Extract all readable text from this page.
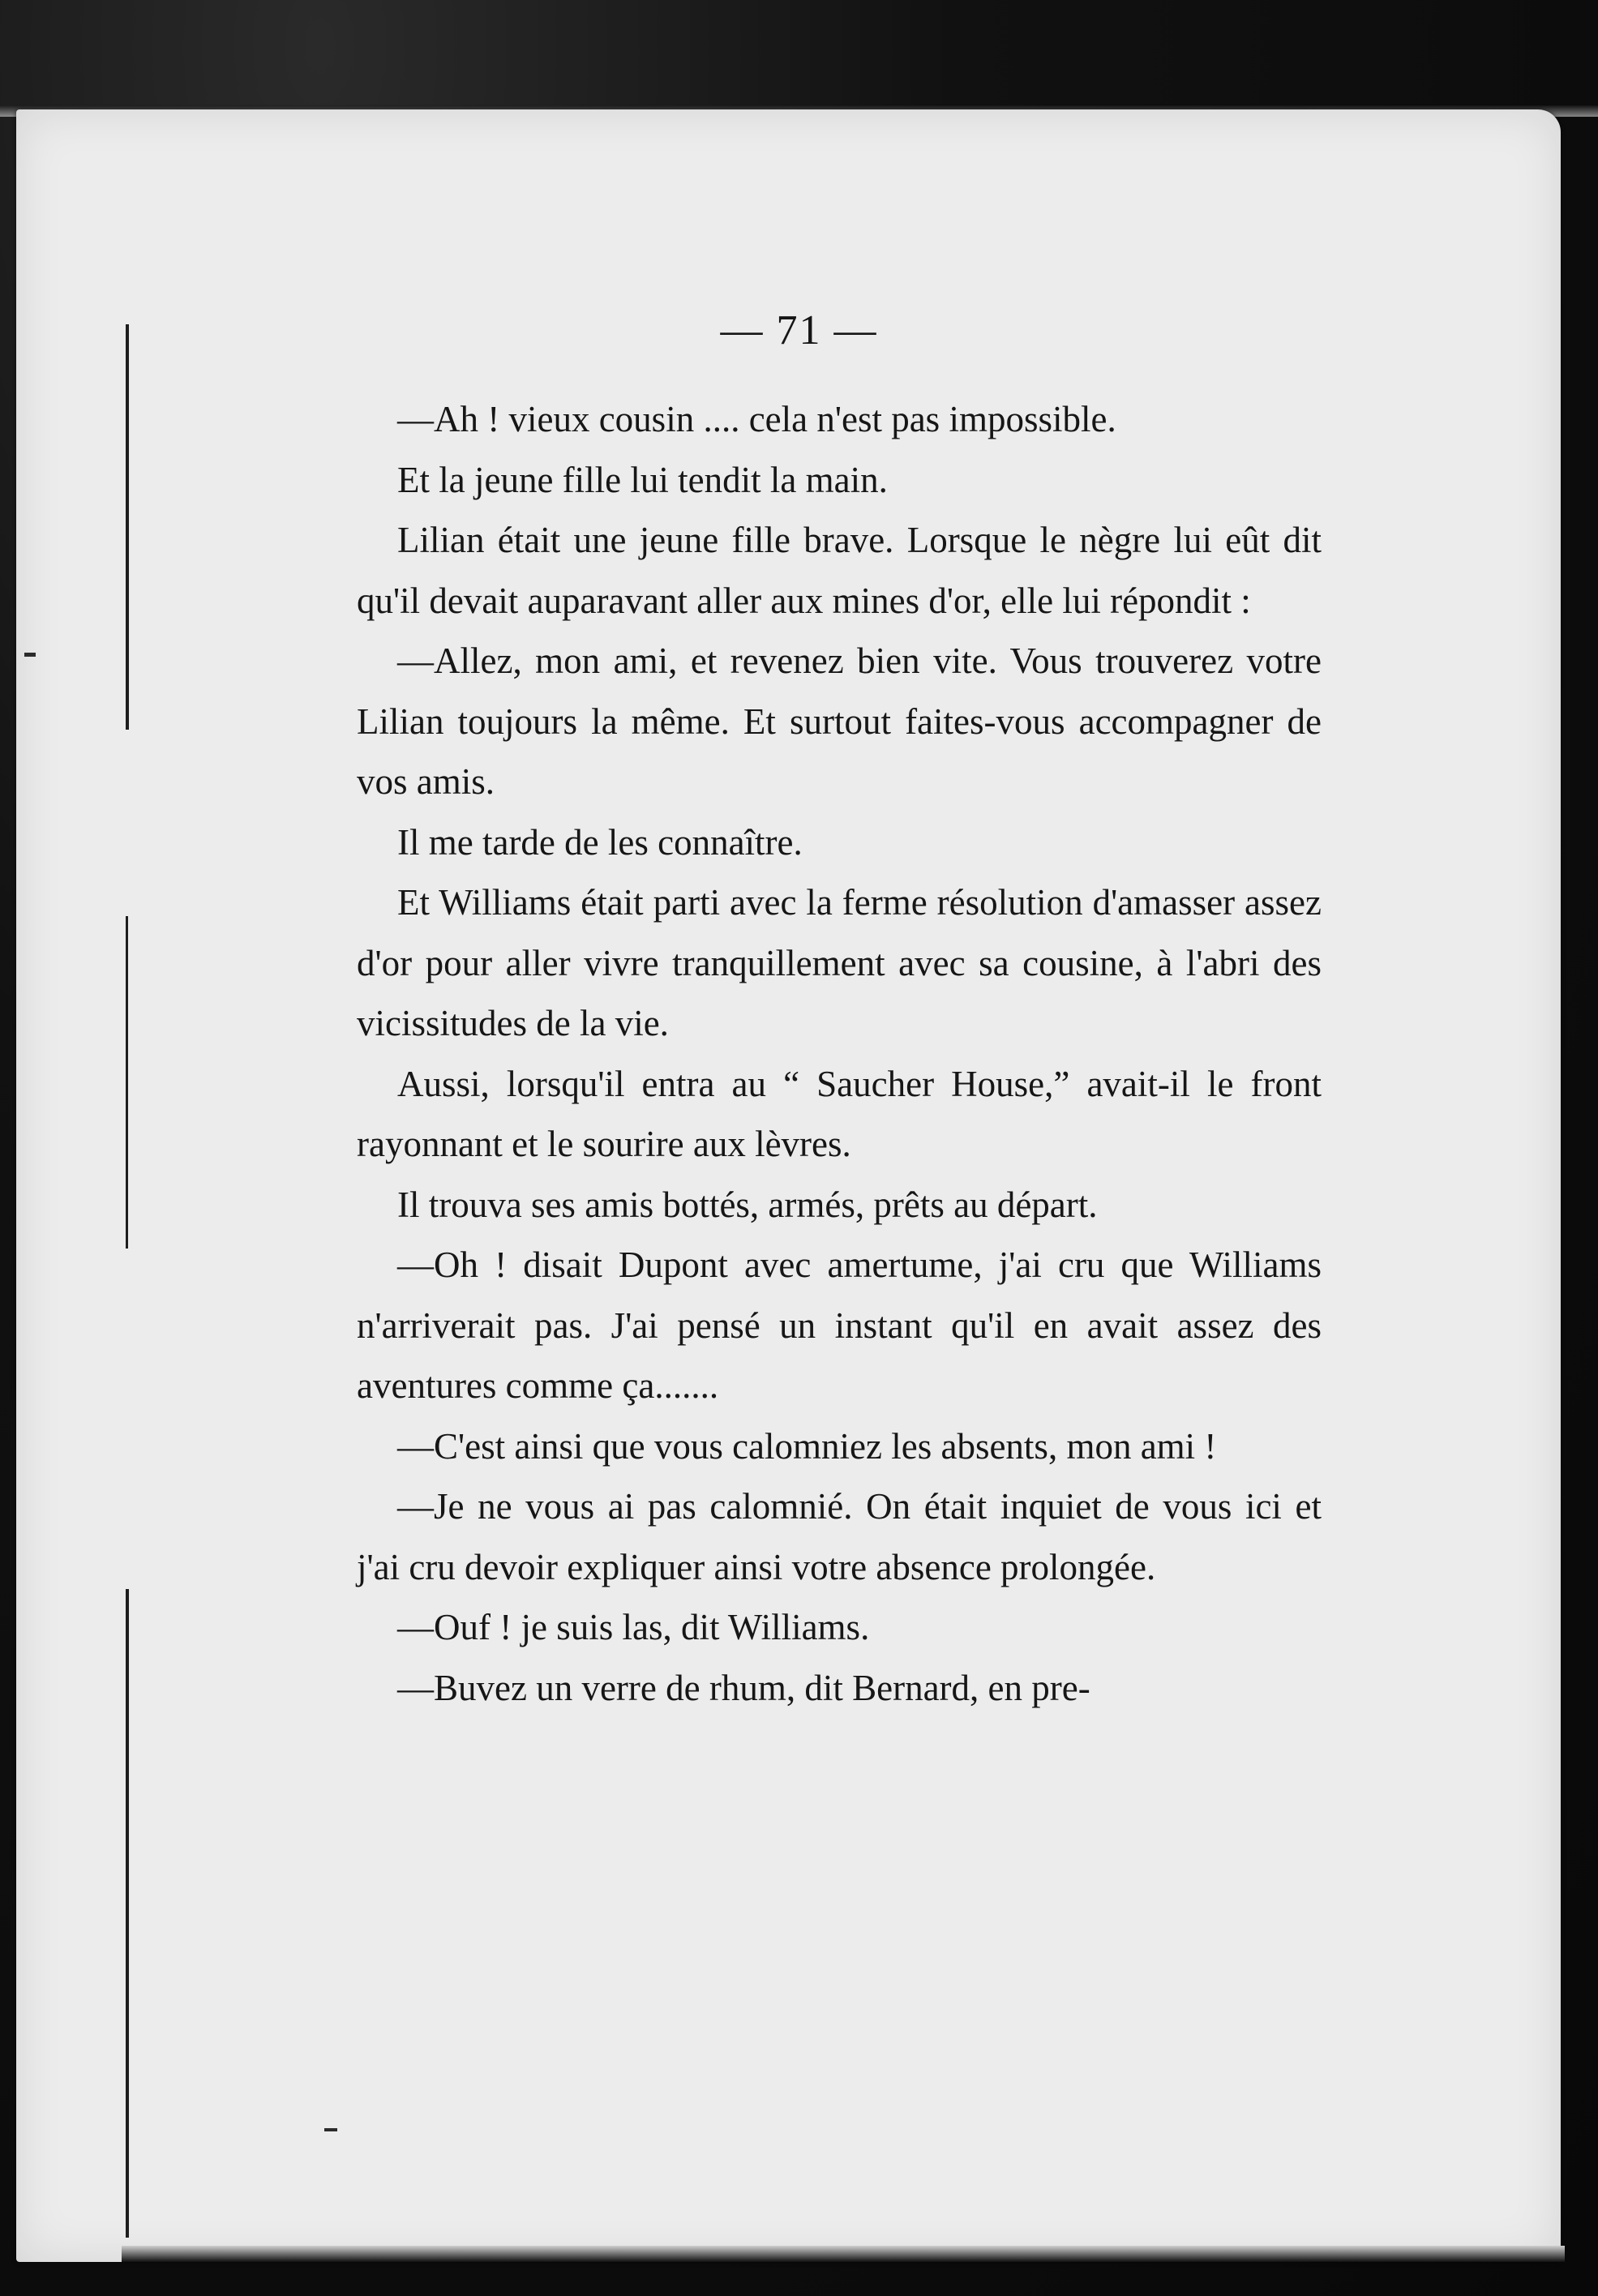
— 71 —

—Ah ! vieux cousin .... cela n'est pas impossible.

Et la jeune fille lui tendit la main.

Lilian était une jeune fille brave. Lorsque le nègre lui eût dit qu'il devait auparavant aller aux mines d'or, elle lui répondit :

—Allez, mon ami, et revenez bien vite. Vous trouverez votre Lilian toujours la même. Et surtout faites-vous accompagner de vos amis.

Il me tarde de les connaître.

Et Williams était parti avec la ferme résolution d'amasser assez d'or pour aller vivre tranquillement avec sa cousine, à l'abri des vicissitudes de la vie.

Aussi, lorsqu'il entra au “ Saucher House,” avait-il le front rayonnant et le sourire aux lèvres.

Il trouva ses amis bottés, armés, prêts au départ.

—Oh ! disait Dupont avec amertume, j'ai cru que Williams n'arriverait pas. J'ai pensé un instant qu'il en avait assez des aventures comme ça.......

—C'est ainsi que vous calomniez les absents, mon ami !

—Je ne vous ai pas calomnié. On était inquiet de vous ici et j'ai cru devoir expliquer ainsi votre absence prolongée.

—Ouf ! je suis las, dit Williams.

—Buvez un verre de rhum, dit Bernard, en pre-
